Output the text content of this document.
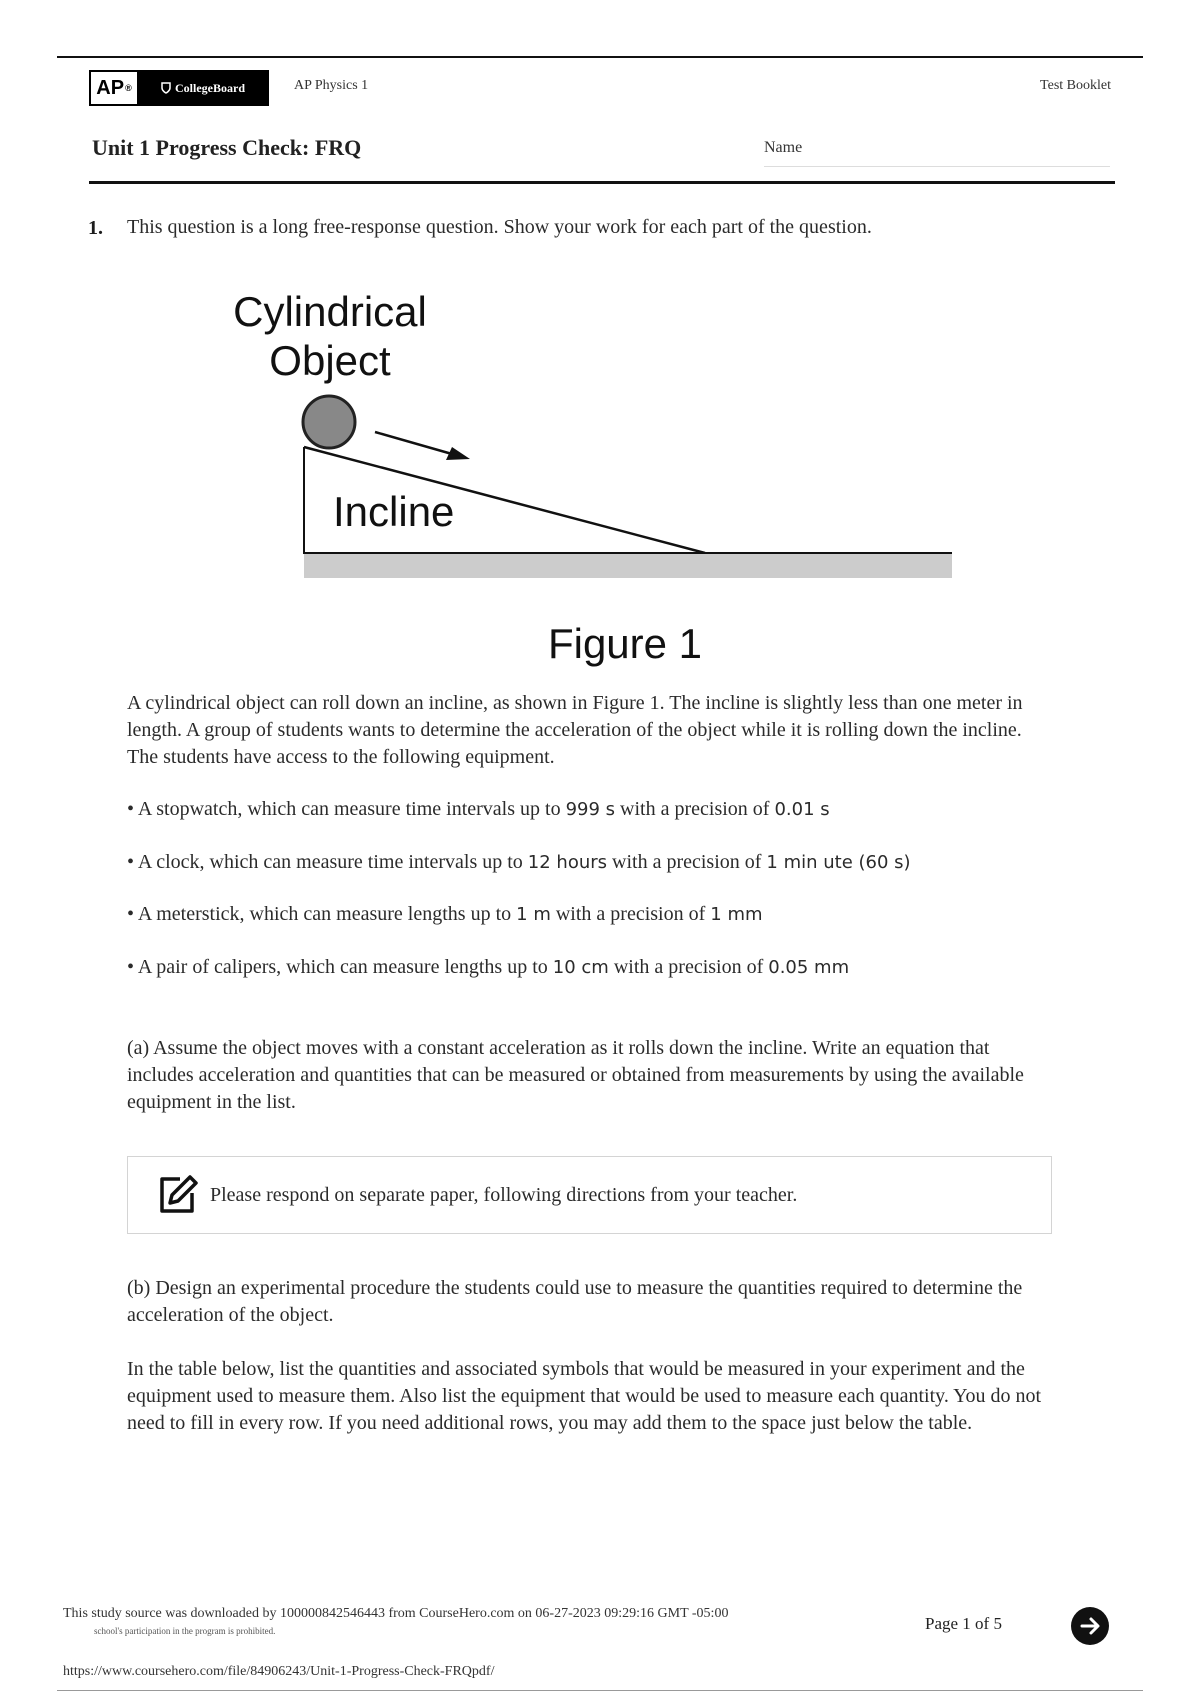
AP ®	CollegeBoard	AP Physics 1	Test Booklet
Unit 1 Progress Check: FRQ	Name
1. This question is a long free-response question. Show your work for each part of the question.
Cylindrical
Object
Incline
Figure 1
A cylindrical object can roll down an incline, as shown in Figure 1. The incline is slightly less than one meter in length. A group of students wants to determine the acceleration of the object while it is rolling down the incline. The students have access to the following equipment.
• A stopwatch, which can measure time intervals up to 999 s with a precision of 0.01 s
• A clock, which can measure time intervals up to 12 hours with a precision of 1 min ute (60 s)
• A meterstick, which can measure lengths up to 1 m with a precision of 1 mm
• A pair of calipers, which can measure lengths up to 10 cm with a precision of 0.05 mm
(a) Assume the object moves with a constant acceleration as it rolls down the incline. Write an equation that includes acceleration and quantities that can be measured or obtained from measurements by using the available equipment in the list.
Please respond on separate paper, following directions from your teacher.
(b) Design an experimental procedure the students could use to measure the quantities required to determine the acceleration of the object.
In the table below, list the quantities and associated symbols that would be measured in your experiment and the equipment used to measure them. Also list the equipment that would be used to measure each quantity. You do not need to fill in every row. If you need additional rows, you may add them to the space just below the table.
This study source was downloaded by 100000842546443 from CourseHero.com on 06-27-2023 09:29:16 GMT -05:00
school's participation in the program is prohibited.	Page 1 of 5
https://www.coursehero.com/file/84906243/Unit-1-Progress-Check-FRQpdf/
